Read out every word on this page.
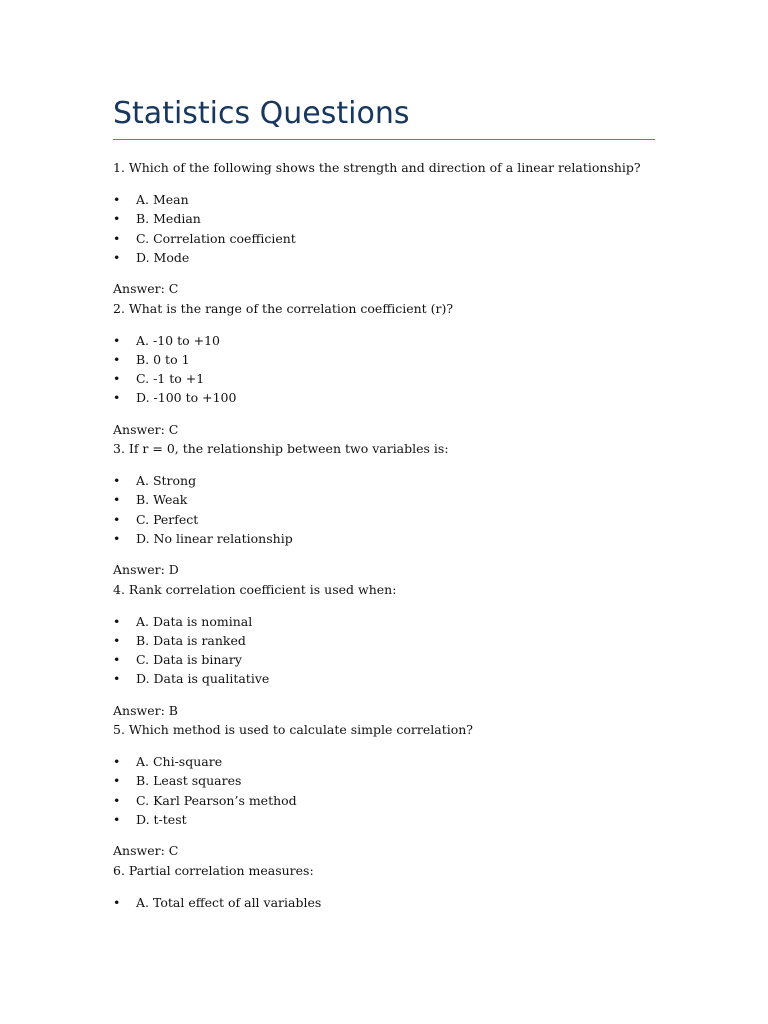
Statistics Questions

1. Which of the following shows the strength and direction of a linear relationship?

• A. Mean
• B. Median
• C. Correlation coefficient
• D. Mode

Answer: C

2. What is the range of the correlation coefficient (r)?

• A. -10 to +10
• B. 0 to 1
• C. -1 to +1
• D. -100 to +100

Answer: C

3. If r = 0, the relationship between two variables is:

• A. Strong
• B. Weak
• C. Perfect
• D. No linear relationship

Answer: D

4. Rank correlation coefficient is used when:

• A. Data is nominal
• B. Data is ranked
• C. Data is binary
• D. Data is qualitative

Answer: B

5. Which method is used to calculate simple correlation?

• A. Chi-square
• B. Least squares
• C. Karl Pearson’s method
• D. t-test

Answer: C

6. Partial correlation measures:

• A. Total effect of all variables
